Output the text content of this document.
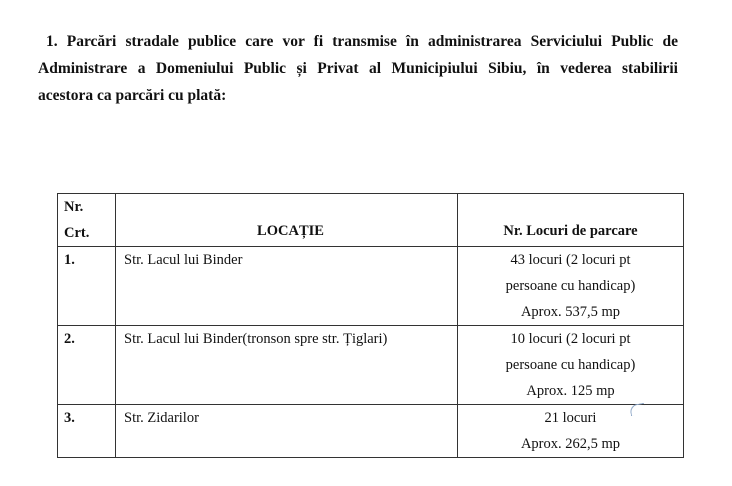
1. Parcări stradale publice care vor fi transmise în administrarea Serviciului Public de
Administrare a Domeniului Public și Privat al Municipiului Sibiu, în vederea stabilirii
acestora ca parcări cu plată:
Nr.
Crt.	LOCAȚIE	Nr. Locuri de parcare
1.	Str. Lacul lui Binder	43 locuri (2 locuri pt
persoane cu handicap)
Aprox. 537,5 mp

2.	Str. Lacul lui Binder(tronson spre str. Țiglari)	10 locuri (2 locuri pt
persoane cu handicap)
Aprox. 125 mp

3.	Str. Zidarilor	21 locuri
Aprox. 262,5 mp
